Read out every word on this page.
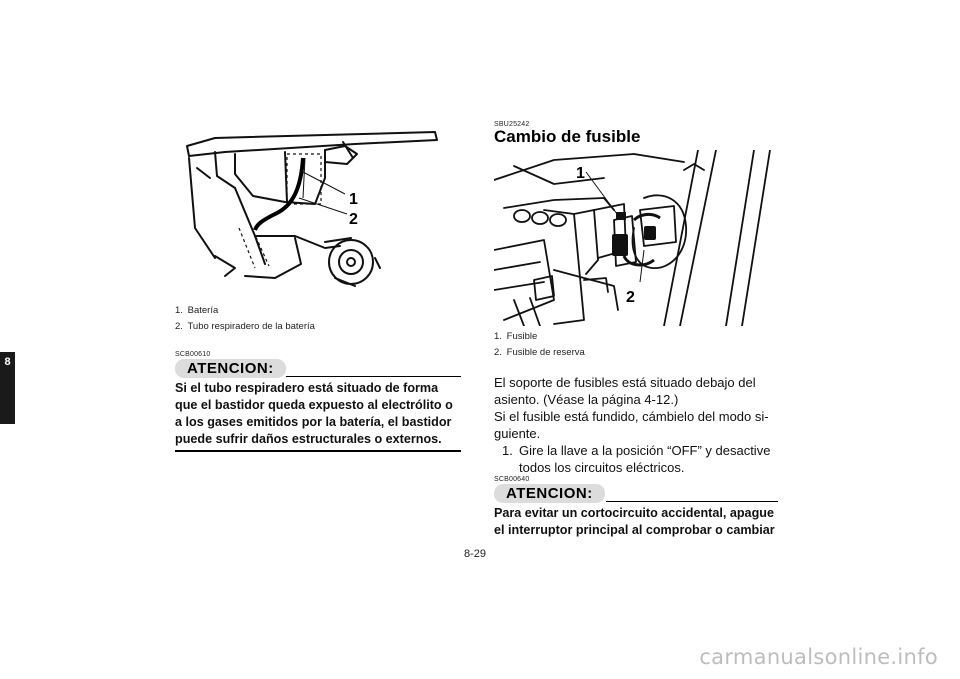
8
1
2
1. Batería
2. Tubo respiradero de la batería
SCB00610
ATENCION:
Si el tubo respiradero está situado de forma
que el bastidor queda expuesto al electrólito o
a los gases emitidos por la batería, el bastidor
puede sufrir daños estructurales o externos.
SBU25242
Cambio de fusible
1
2
1. Fusible
2. Fusible de reserva
El soporte de fusibles está situado debajo del
asiento. (Véase la página 4-12.)
Si el fusible está fundido, cámbielo del modo si-
guiente.
1. Gire la llave a la posición “OFF” y desactive
todos los circuitos eléctricos.
SCB00640
ATENCION:
Para evitar un cortocircuito accidental, apague
el interruptor principal al comprobar o cambiar
8-29
carmanualsonline.info
